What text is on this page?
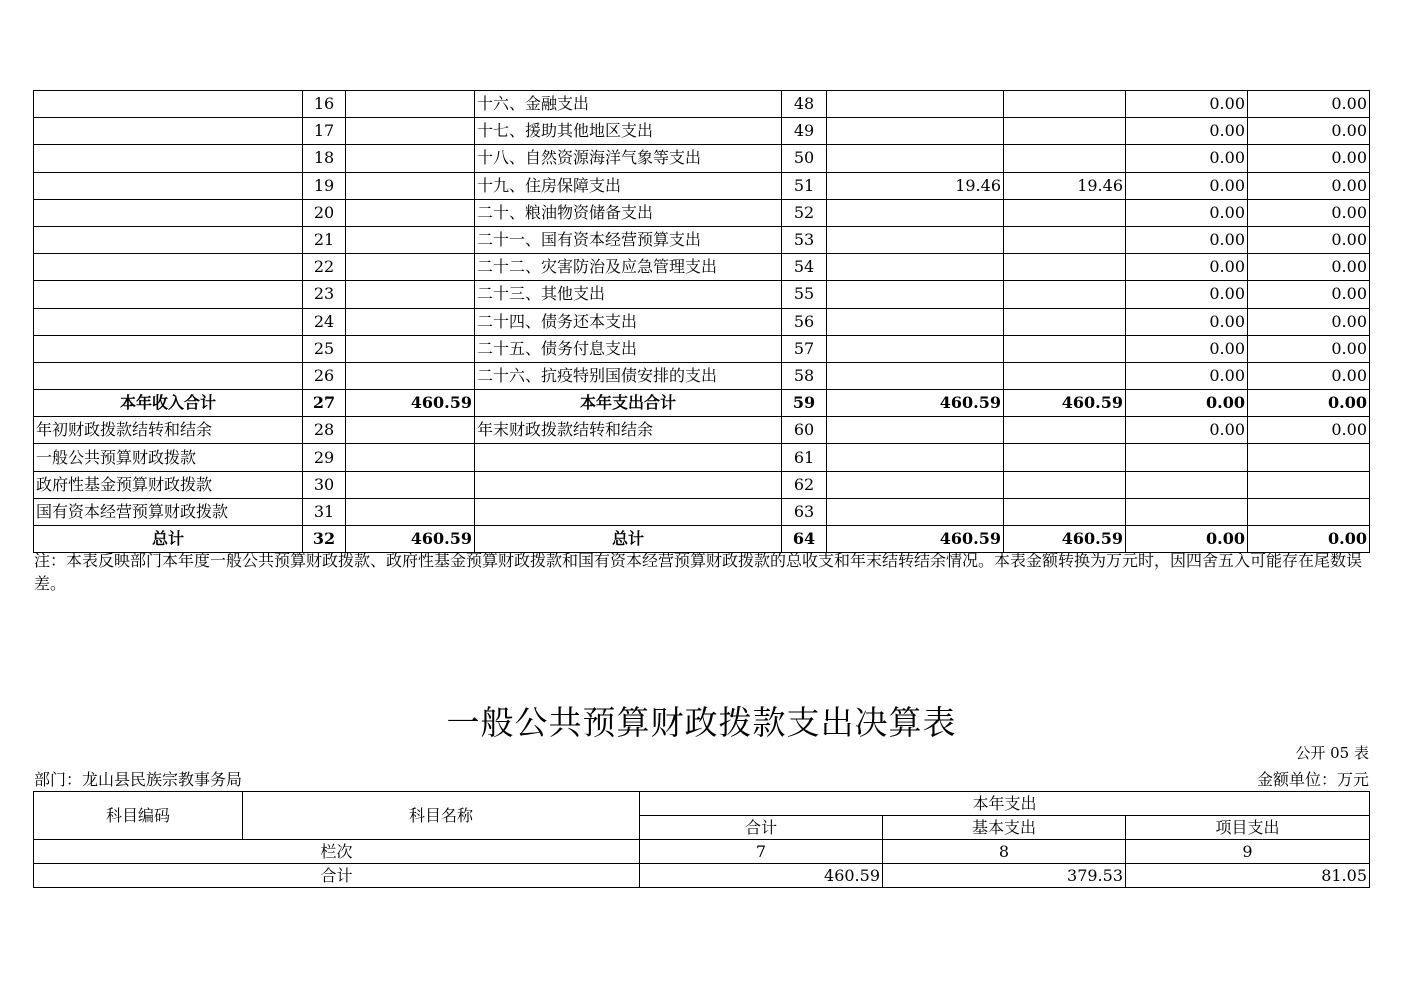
	16		十六、金融支出	48			0.00	0.00
	17		十七、援助其他地区支出	49			0.00	0.00
	18		十八、自然资源海洋气象等支出	50			0.00	0.00
	19		十九、住房保障支出	51	19.46	19.46	0.00	0.00
	20		二十、粮油物资储备支出	52			0.00	0.00
	21		二十一、国有资本经营预算支出	53			0.00	0.00
	22		二十二、灾害防治及应急管理支出	54			0.00	0.00
	23		二十三、其他支出	55			0.00	0.00
	24		二十四、债务还本支出	56			0.00	0.00
	25		二十五、债务付息支出	57			0.00	0.00
	26		二十六、抗疫特别国债安排的支出	58			0.00	0.00
本年收入合计	27	460.59	本年支出合计	59	460.59	460.59	0.00	0.00
年初财政拨款结转和结余	28		年末财政拨款结转和结余	60			0.00	0.00
一般公共预算财政拨款	29			61				
政府性基金预算财政拨款	30			62				
国有资本经营预算财政拨款	31			63				
总计	32	460.59	总计	64	460.59	460.59	0.00	0.00
注：本表反映部门本年度一般公共预算财政拨款、政府性基金预算财政拨款和国有资本经营预算财政拨款的总收支和年末结转结余情况。本表金额转换为万元时，因四舍五入可能存在尾数误差。
一般公共预算财政拨款支出决算表
公开 05 表
部门：龙山县民族宗教事务局	金额单位：万元
科目编码	科目名称	本年支出		
		合计	基本支出	项目支出
栏次		7	8	9
合计		460.59	379.53	81.05
